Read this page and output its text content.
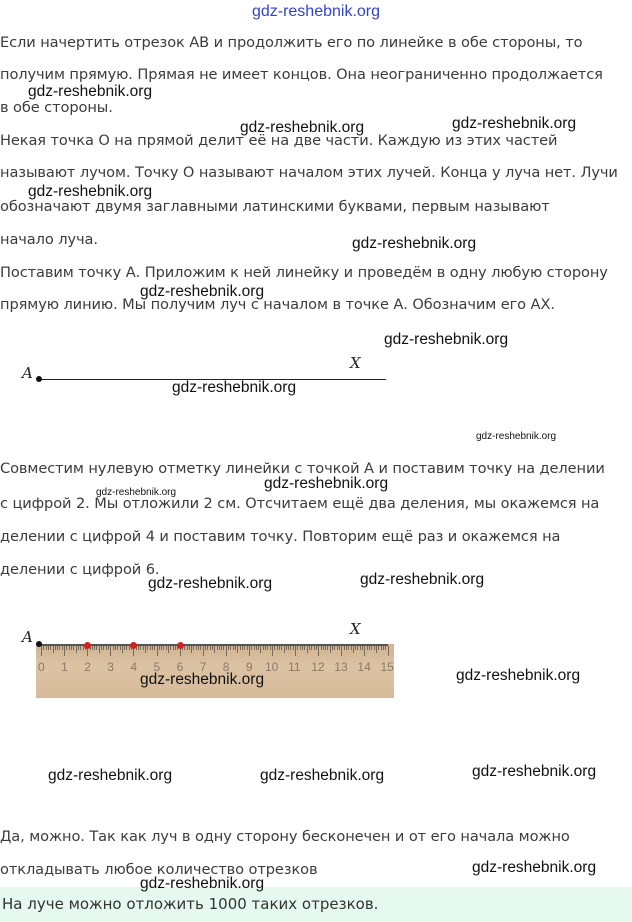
gdz-reshebnik.org
Если начертить отрезок АВ и продолжить его по линейке в обе стороны, то
получим прямую. Прямая не имеет концов. Она неограниченно продолжается
в обе стороны.
Некая точка О на прямой делит её на две части. Каждую из этих частей
называют лучом. Точку О называют началом этих лучей. Конца у луча нет. Лучи
обозначают двумя заглавными латинскими буквами, первым называют
начало луча.
Поставим точку А. Приложим к ней линейку и проведём в одну любую сторону
прямую линию. Мы получим луч с началом в точке А. Обозначим его АХ.
A
X
Совместим нулевую отметку линейки с точкой А и поставим точку на делении
с цифрой 2. Мы отложили 2 см. Отсчитаем ещё два деления, мы окажемся на
делении с цифрой 4 и поставим точку. Повторим ещё раз и окажемся на
делении с цифрой 6.
A	X
0 1 2 3 4 5 6 7 8 9 10 11 12 13 14 15
Да, можно. Так как луч в одну сторону бесконечен и от его начала можно
откладывать любое количество отрезков
На луче можно отложить 1000 таких отрезков.
gdz-reshebnik.org
gdz-reshebnik.org	gdz-reshebnik.org
gdz-reshebnik.org
gdz-reshebnik.org
gdz-reshebnik.org
gdz-reshebnik.org
gdz-reshebnik.org
gdz-reshebnik.org
gdz-reshebnik.org
gdz-reshebnik.org
gdz-reshebnik.org	gdz-reshebnik.org
gdz-reshebnik.org	gdz-reshebnik.org
gdz-reshebnik.org	gdz-reshebnik.org	gdz-reshebnik.org
gdz-reshebnik.org
gdz-reshebnik.org
